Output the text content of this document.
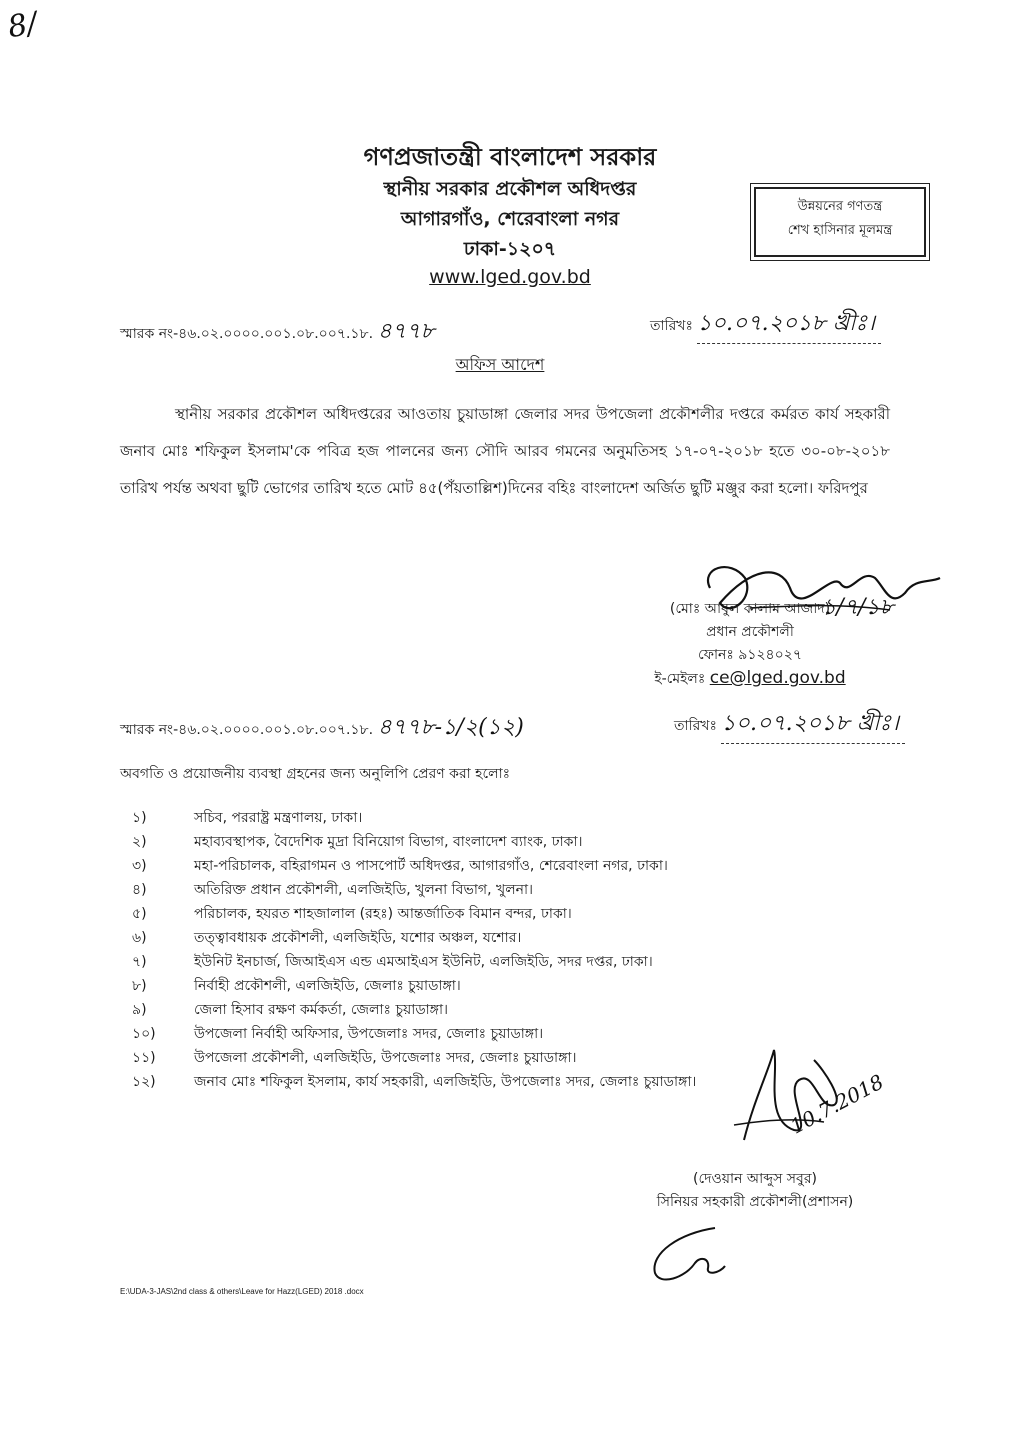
8/
গণপ্রজাতন্ত্রী বাংলাদেশ সরকার
স্থানীয় সরকার প্রকৌশল অধিদপ্তর
আগারগাঁও, শেরেবাংলা নগর
ঢাকা-১২০৭
www.lged.gov.bd
উন্নয়নের গণতন্ত্র
শেখ হাসিনার মূলমন্ত্র
স্মারক নং-৪৬.০২.০০০০.০০১.০৮.০০৭.১৮. ৪৭৭৮	তারিখঃ ১০.০৭.২০১৮ খ্রীঃ।
অফিস আদেশ
স্থানীয় সরকার প্রকৌশল অধিদপ্তরের আওতায় চুয়াডাঙ্গা জেলার সদর উপজেলা প্রকৌশলীর দপ্তরে কর্মরত কার্য সহকারী জনাব মোঃ শফিকুল ইসলাম'কে পবিত্র হজ পালনের জন্য সৌদি আরব গমনের অনুমতিসহ ১৭-০৭-২০১৮ হতে ৩০-০৮-২০১৮ তারিখ পর্যন্ত অথবা ছুটি ভোগের তারিখ হতে মোট ৪৫(পঁয়তাল্লিশ)দিনের বহিঃ বাংলাদেশ অর্জিত ছুটি মঞ্জুর করা হলো। ফরিদপুর
১/৭/১৮
(মোঃ আবুল কালাম আজাদ)
প্রধান প্রকৌশলী
ফোনঃ ৯১২৪০২৭
ই-মেইলঃ ce@lged.gov.bd
স্মারক নং-৪৬.০২.০০০০.০০১.০৮.০০৭.১৮. ৪৭৭৮-১/২(১২)	তারিখঃ ১০.০৭.২০১৮ খ্রীঃ।
অবগতি ও প্রয়োজনীয় ব্যবস্থা গ্রহনের জন্য অনুলিপি প্রেরণ করা হলোঃ
১)	সচিব, পররাষ্ট্র মন্ত্রণালয়, ঢাকা।
২)	মহাব্যবস্থাপক, বৈদেশিক মুদ্রা বিনিয়োগ বিভাগ, বাংলাদেশ ব্যাংক, ঢাকা।
৩)	মহা-পরিচালক, বহিরাগমন ও পাসপোর্ট অধিদপ্তর, আগারগাঁও, শেরেবাংলা নগর, ঢাকা।
৪)	অতিরিক্ত প্রধান প্রকৌশলী, এলজিইডি, খুলনা বিভাগ, খুলনা।
৫)	পরিচালক, হযরত শাহজালাল (রহঃ) আন্তর্জাতিক বিমান বন্দর, ঢাকা।
৬)	তত্ত্বাবধায়ক প্রকৌশলী, এলজিইডি, যশোর অঞ্চল, যশোর।
৭)	ইউনিট ইনচার্জ, জিআইএস এন্ড এমআইএস ইউনিট, এলজিইডি, সদর দপ্তর, ঢাকা।
৮)	নির্বাহী প্রকৌশলী, এলজিইডি, জেলাঃ চুয়াডাঙ্গা।
৯)	জেলা হিসাব রক্ষণ কর্মকর্তা, জেলাঃ চুয়াডাঙ্গা।
১০)	উপজেলা নির্বাহী অফিসার, উপজেলাঃ সদর, জেলাঃ চুয়াডাঙ্গা।
১১)	উপজেলা প্রকৌশলী, এলজিইডি, উপজেলাঃ সদর, জেলাঃ চুয়াডাঙ্গা।
১২)	জনাব মোঃ শফিকুল ইসলাম, কার্য সহকারী, এলজিইডি, উপজেলাঃ সদর, জেলাঃ চুয়াডাঙ্গা।	10.7.2018
(দেওয়ান আব্দুস সবুর)
সিনিয়র সহকারী প্রকৌশলী(প্রশাসন)
E:\UDA-3-JAS\2nd class & others\Leave for Hazz(LGED) 2018 .docx
